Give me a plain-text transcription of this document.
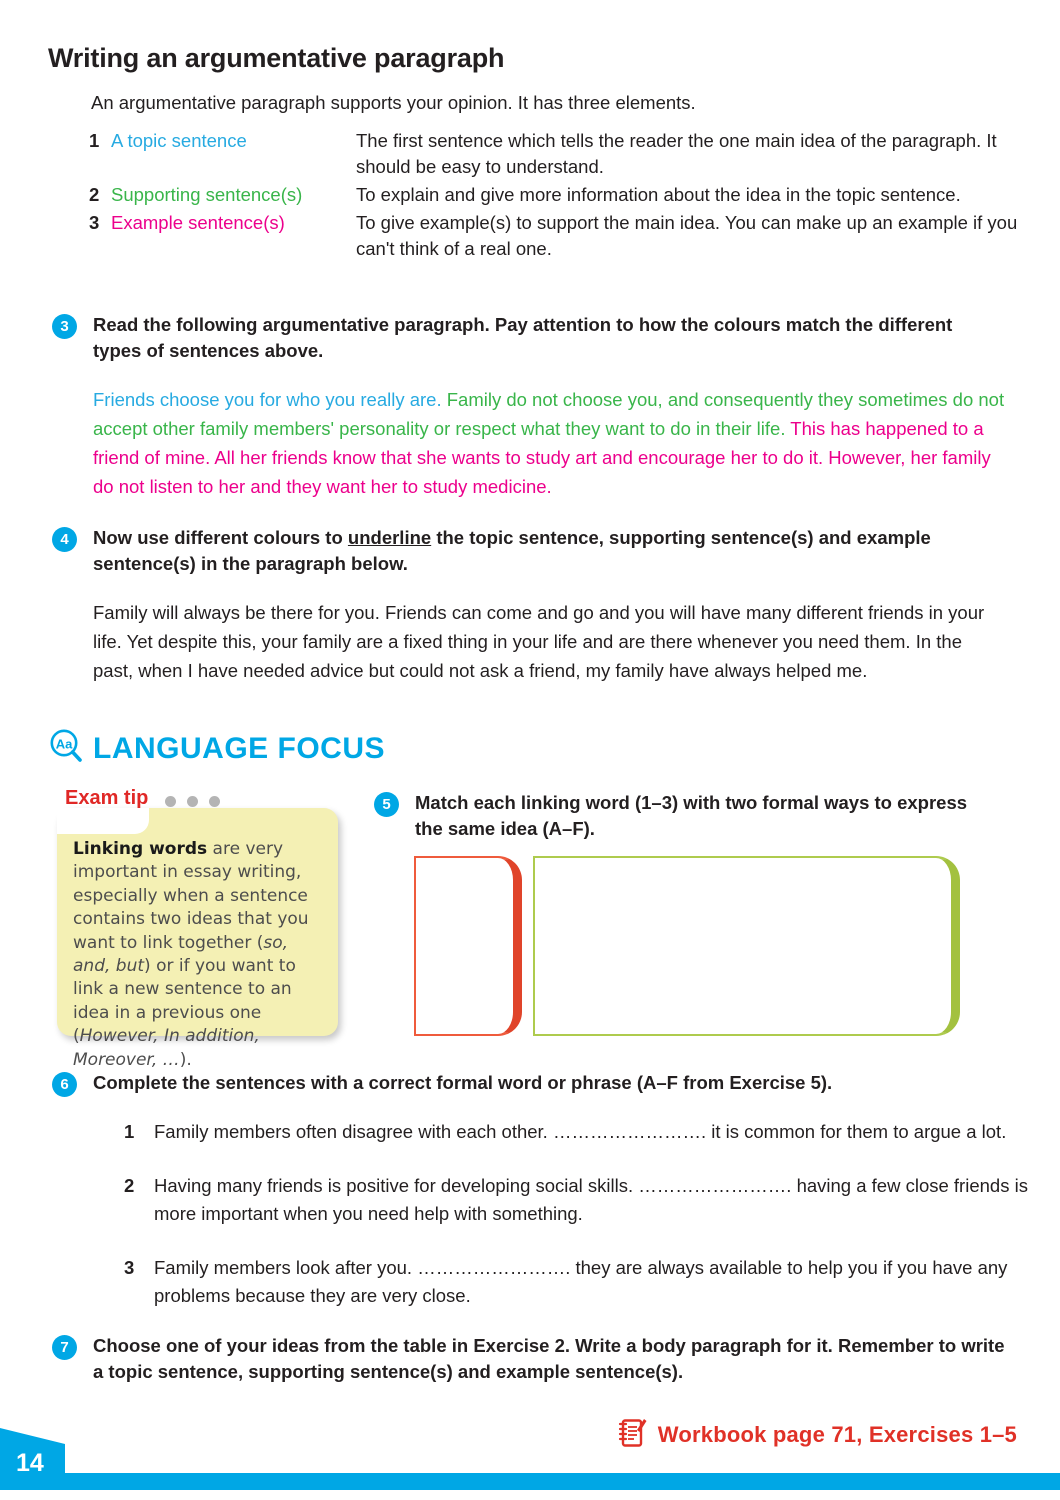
Writing an argumentative paragraph
An argumentative paragraph supports your opinion. It has three elements.
1 A topic sentence	The first sentence which tells the reader the one main idea of the paragraph. It should be easy to understand.
2 Supporting sentence(s)	To explain and give more information about the idea in the topic sentence.
3 Example sentence(s)	To give example(s) to support the main idea. You can make up an example if you can't think of a real one.
3	Read the following argumentative paragraph. Pay attention to how the colours match the different types of sentences above.
Friends choose you for who you really are. Family do not choose you, and consequently they sometimes do not accept other family members' personality or respect what they want to do in their life. This has happened to a friend of mine. All her friends know that she wants to study art and encourage her to do it. However, her family do not listen to her and they want her to study medicine.
4	Now use different colours to underline the topic sentence, supporting sentence(s) and example sentence(s) in the paragraph below.
Family will always be there for you. Friends can come and go and you will have many different friends in your life. Yet despite this, your family are a fixed thing in your life and are there whenever you need them. In the past, when I have needed advice but could not ask a friend, my family have always helped me.
Aa LANGUAGE FOCUS
Exam tip
Linking words are very important in essay writing, especially when a sentence contains two ideas that you want to link together (so, and, but) or if you want to link a new sentence to an idea in a previous one (However, In addition, Moreover, …).
5	Match each linking word (1–3) with two formal ways to express the same idea (A–F).
6	Complete the sentences with a correct formal word or phrase (A–F from Exercise 5).
1	Family members often disagree with each other. ……………………. it is common for them to argue a lot.
2	Having many friends is positive for developing social skills. ……………………. having a few close friends is more important when you need help with something.
3	Family members look after you. ……………………. they are always available to help you if you have any problems because they are very close.
7	Choose one of your ideas from the table in Exercise 2. Write a body paragraph for it. Remember to write a topic sentence, supporting sentence(s) and example sentence(s).
Workbook page 71, Exercises 1–5
14
